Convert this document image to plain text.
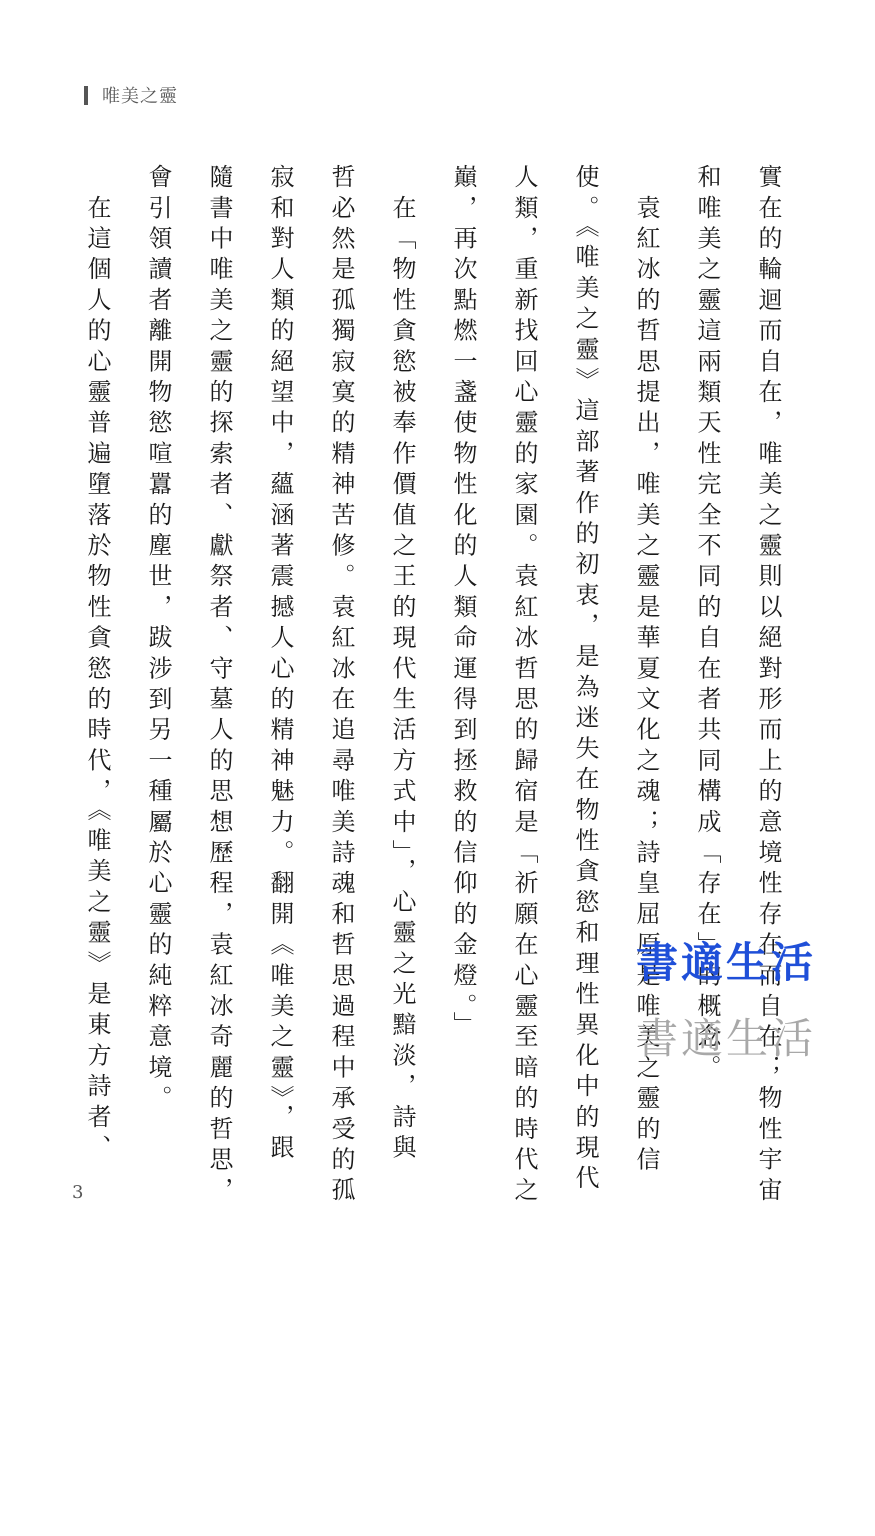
唯美之靈
實在的輪迴而自在，唯美之靈則以絕對形而上的意境性存在而自在；物性宇宙
和唯美之靈這兩類天性完全不同的自在者共同構成「存在」的概念。
　袁紅冰的哲思提出，唯美之靈是華夏文化之魂；詩皇屈原是唯美之靈的信
使。《唯美之靈》這部著作的初衷，是為迷失在物性貪慾和理性異化中的現代
人類，重新找回心靈的家園。袁紅冰哲思的歸宿是「祈願在心靈至暗的時代之
巔，再次點燃一盞使物性化的人類命運得到拯救的信仰的金燈。」
　在「物性貪慾被奉作價值之王的現代生活方式中」，心靈之光黯淡，詩與
哲必然是孤獨寂寞的精神苦修。袁紅冰在追尋唯美詩魂和哲思過程中承受的孤
寂和對人類的絕望中，蘊涵著震撼人心的精神魅力。翻開《唯美之靈》，跟
隨書中唯美之靈的探索者、獻祭者、守墓人的思想歷程，袁紅冰奇麗的哲思，
會引領讀者離開物慾喧囂的塵世，跋涉到另一種屬於心靈的純粹意境。
　在這個人的心靈普遍墮落於物性貪慾的時代，《唯美之靈》是東方詩者、	書適生活
書適生活
3
